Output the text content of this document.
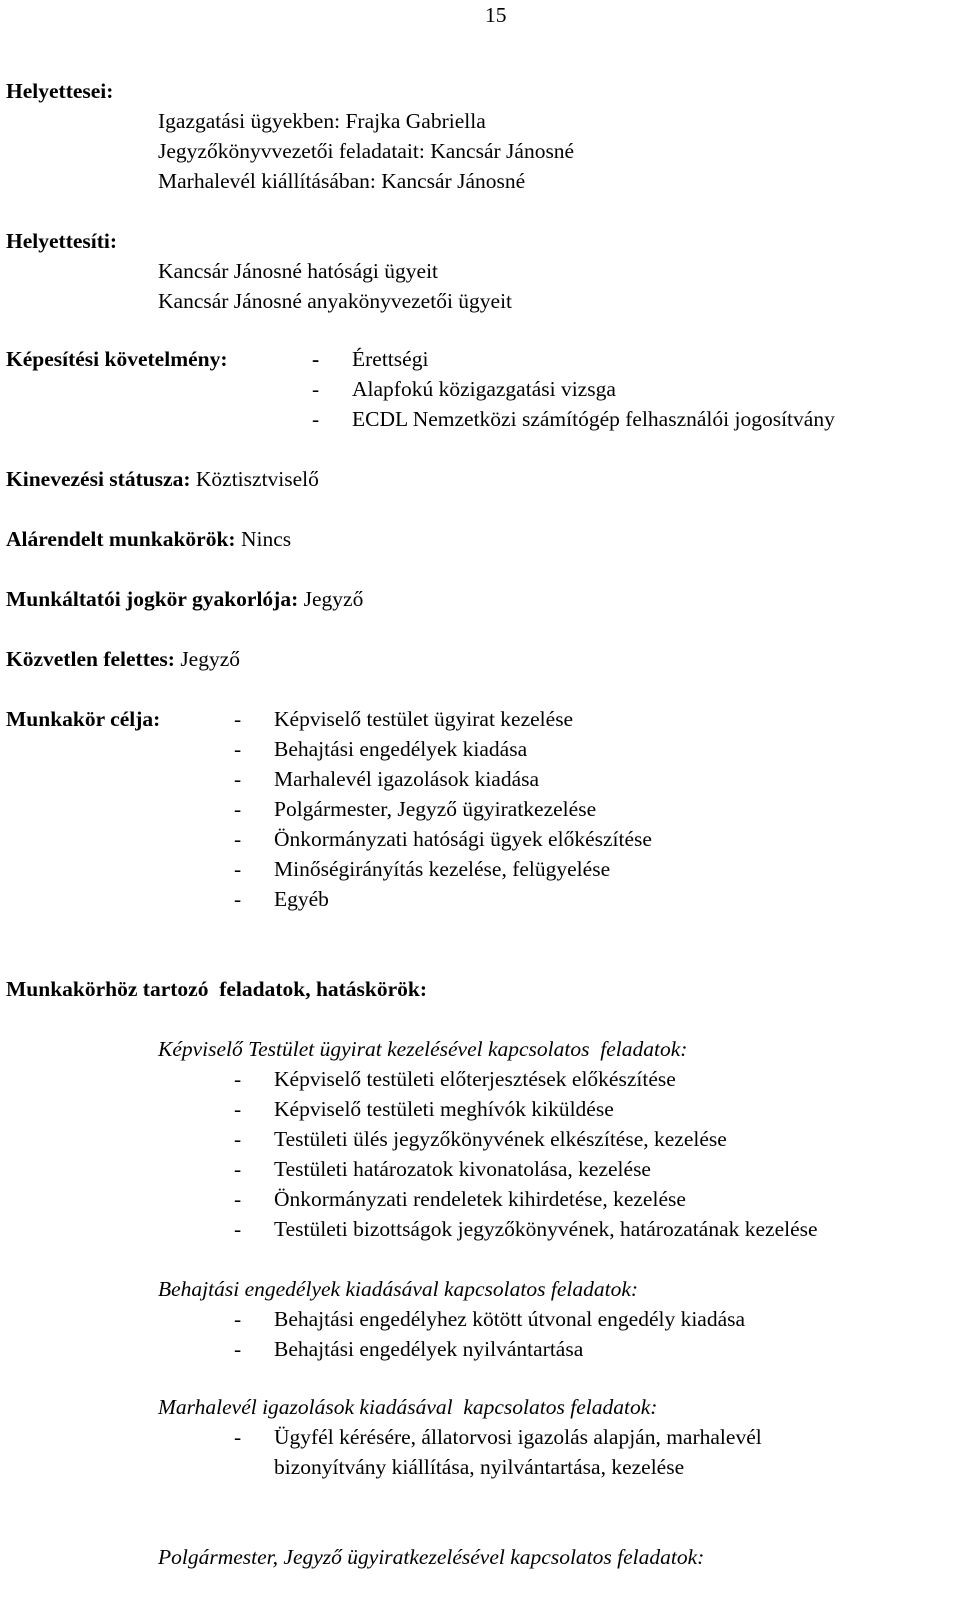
15
Helyettesei:
Igazgatási ügyekben: Frajka Gabriella
Jegyzőkönyvvezetői feladatait: Kancsár Jánosné
Marhalevél kiállításában: Kancsár Jánosné
Helyettesíti:
Kancsár Jánosné hatósági ügyeit
Kancsár Jánosné anyakönyvezetői ügyeit
Képesítési követelmény:	- Érettségi
- Alapfokú közigazgatási vizsga
- ECDL Nemzetközi számítógép felhasználói jogosítvány
Kinevezési státusza: Köztisztviselő
Alárendelt munkakörök: Nincs
Munkáltatói jogkör gyakorlója: Jegyző
Közvetlen felettes: Jegyző
Munkakör célja:	- Képviselő testület ügyirat kezelése
- Behajtási engedélyek kiadása
- Marhalevél igazolások kiadása
- Polgármester, Jegyző ügyiratkezelése
- Önkormányzati hatósági ügyek előkészítése
- Minőségirányítás kezelése, felügyelése
- Egyéb
Munkakörhöz tartozó  feladatok, hatáskörök:
Képviselő Testület ügyirat kezelésével kapcsolatos  feladatok:
- Képviselő testületi előterjesztések előkészítése
- Képviselő testületi meghívók kiküldése
- Testületi ülés jegyzőkönyvének elkészítése, kezelése
- Testületi határozatok kivonatolása, kezelése
- Önkormányzati rendeletek kihirdetése, kezelése
- Testületi bizottságok jegyzőkönyvének, határozatának kezelése
Behajtási engedélyek kiadásával kapcsolatos feladatok:
- Behajtási engedélyhez kötött útvonal engedély kiadása
- Behajtási engedélyek nyilvántartása
Marhalevél igazolások kiadásával  kapcsolatos feladatok:
- Ügyfél kérésére, állatorvosi igazolás alapján, marhalevél
bizonyítvány kiállítása, nyilvántartása, kezelése
Polgármester, Jegyző ügyiratkezelésével kapcsolatos feladatok:
